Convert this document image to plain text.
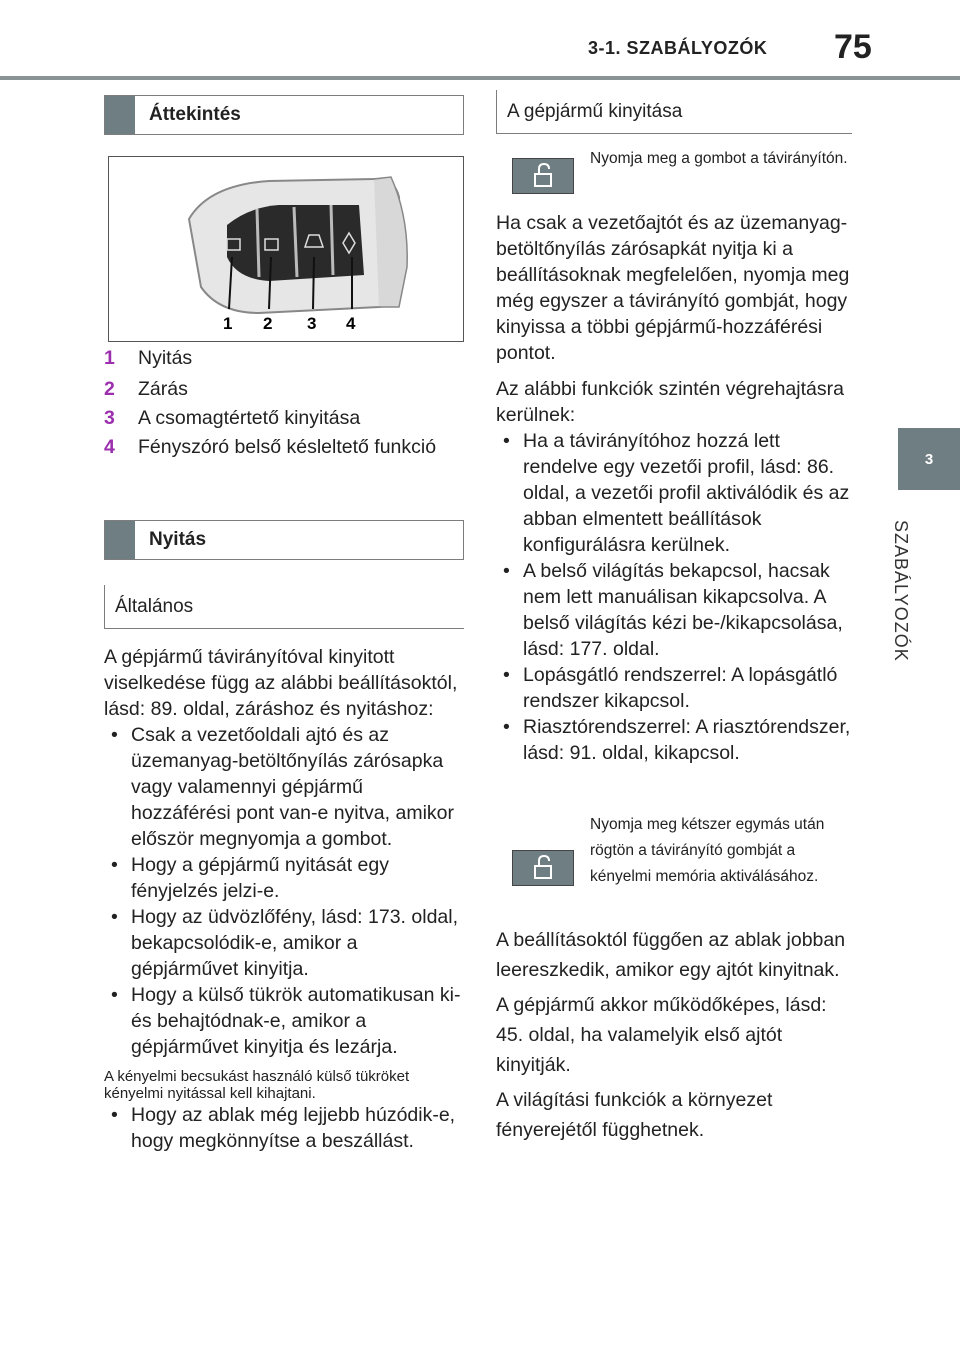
3-1. SZABÁLYOZÓK 75
3
SZABÁLYOZÓK
Áttekintés
1 2 3 4
1	Nyitás
2	Zárás
3	A csomagtértető kinyitása
4	Fényszóró belső késleltető funkció
Nyitás
Általános
A gépjármű távirányítóval kinyitott viselkedése függ az alábbi beállításoktól, lásd: 89. oldal, záráshoz és nyitáshoz:
• Csak a vezetőoldali ajtó és az üzemanyag-betöltőnyílás zárósapka vagy valamennyi gépjármű hozzáférési pont van-e nyitva, amikor először megnyomja a gombot.
• Hogy a gépjármű nyitását egy fényjelzés jelzi-e.
• Hogy az üdvözlőfény, lásd: 173. oldal, bekapcsolódik-e, amikor a gépjárművet kinyitja.
• Hogy a külső tükrök automatikusan ki- és behajtódnak-e, amikor a gépjárművet kinyitja és lezárja.
A kényelmi becsukást használó külső tükröket kényelmi nyitással kell kihajtani.
• Hogy az ablak még lejjebb húzódik-e, hogy megkönnyítse a beszállást.
A gépjármű kinyitása
Nyomja meg a gombot a távirányítón.
Ha csak a vezetőajtót és az üzemanyag-betöltőnyílás zárósapkát nyitja ki a beállításoknak megfelelően, nyomja meg még egyszer a távirányító gombját, hogy kinyissa a többi gépjármű-hozzáférési pontot.
Az alábbi funkciók szintén végrehajtásra kerülnek:
• Ha a távirányítóhoz hozzá lett rendelve egy vezetői profil, lásd: 86. oldal, a vezetői profil aktiválódik és az abban elmentett beállítások konfigurálásra kerülnek.
• A belső világítás bekapcsol, hacsak nem lett manuálisan kikapcsolva. A belső világítás kézi be-/kikapcsolása, lásd: 177. oldal.
• Lopásgátló rendszerrel: A lopásgátló rendszer kikapcsol.
• Riasztórendszerrel: A riasztórendszer, lásd: 91. oldal, kikapcsol.
Nyomja meg kétszer egymás után rögtön a távirányító gombját a kényelmi memória aktiválásához.
A beállításoktól függően az ablak jobban leereszkedik, amikor egy ajtót kinyitnak.
A gépjármű akkor működőképes, lásd: 45. oldal, ha valamelyik első ajtót kinyitják.
A világítási funkciók a környezet fényerejétől függhetnek.
